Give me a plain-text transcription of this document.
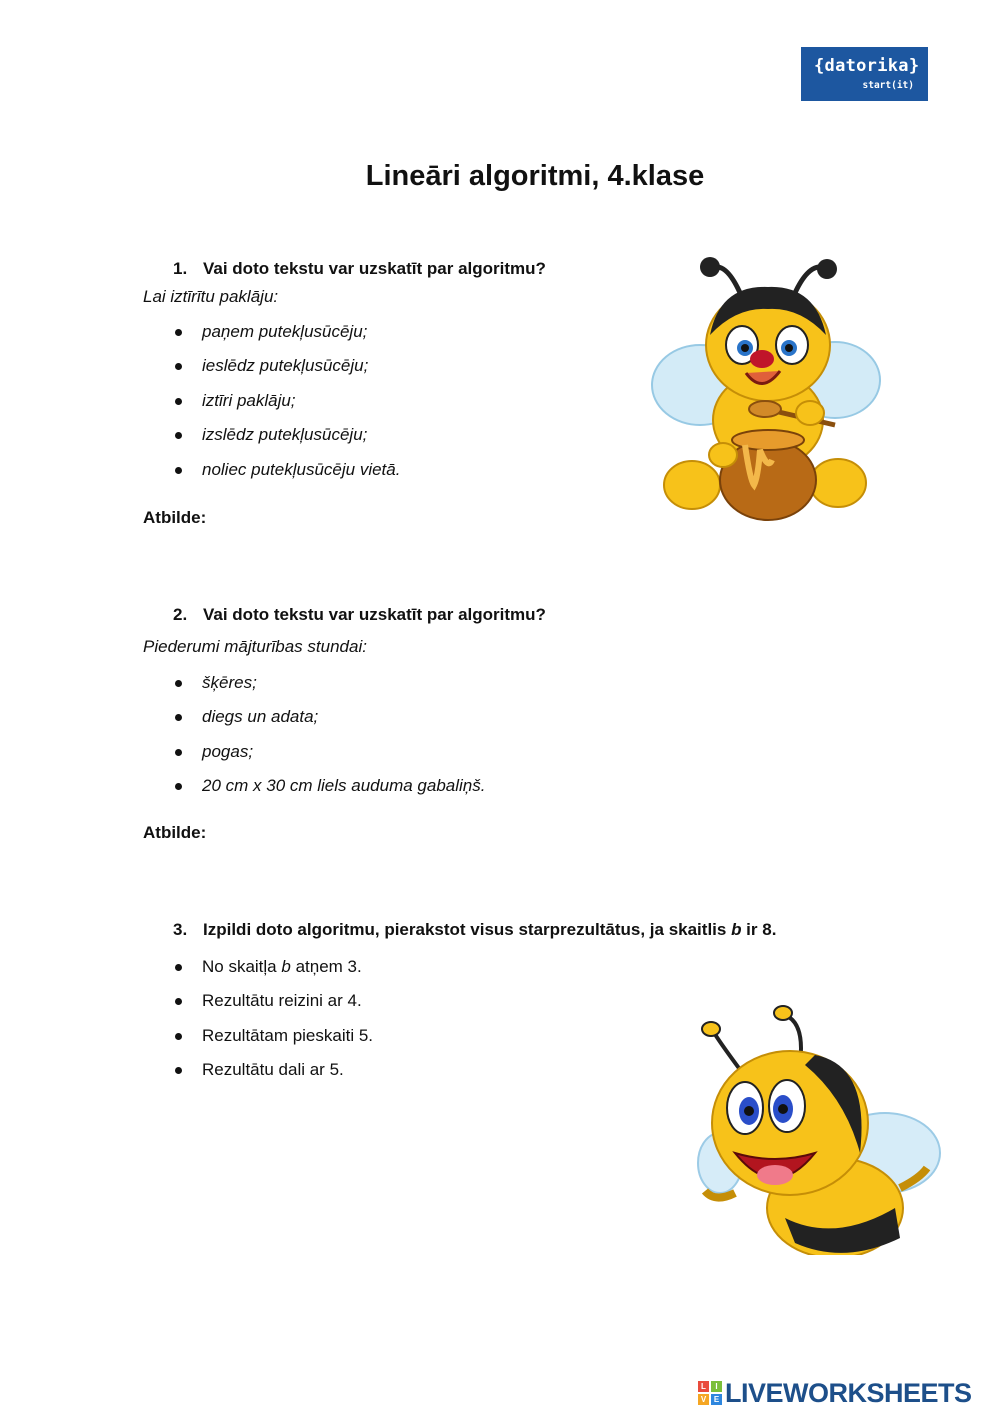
{datorika}
start(it)
Lineāri algoritmi, 4.klase
1. Vai doto tekstu var uzskatīt par algoritmu?
Lai iztīrītu paklāju:
paņem putekļusūcēju;
ieslēdz putekļusūcēju;
iztīri paklāju;
izslēdz putekļusūcēju;
noliec putekļusūcēju vietā.
Atbilde:
2. Vai doto tekstu var uzskatīt par algoritmu?
Piederumi mājturības stundai:
šķēres;
diegs un adata;
pogas;
20 cm x 30 cm liels auduma gabaliņš.
Atbilde:
3. Izpildi doto algoritmu, pierakstot visus starprezultātus, ja skaitlis b ir 8.
No skaitļa b atņem 3.
Rezultātu reizini ar 4.
Rezultātam pieskaiti 5.
Rezultātu dali ar 5.
L	I
V E LIVEWORKSHEETS
